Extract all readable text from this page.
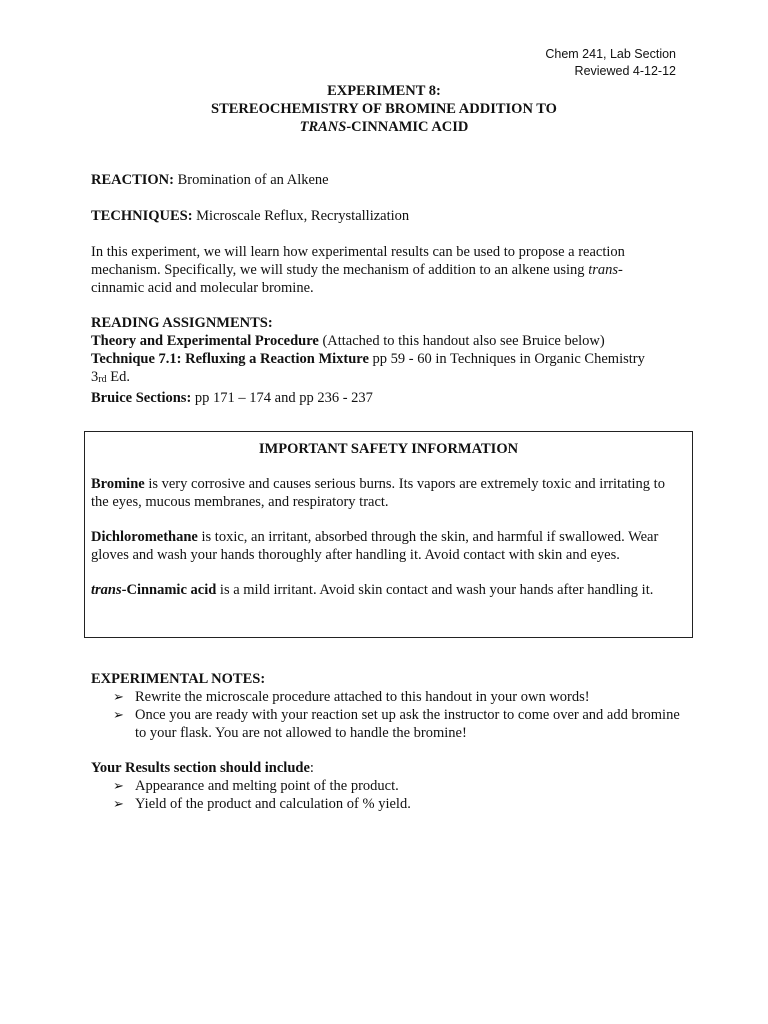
Chem 241, Lab Section
Reviewed 4-12-12
EXPERIMENT 8:
STEREOCHEMISTRY OF BROMINE ADDITION TO
TRANS-CINNAMIC ACID
REACTION: Bromination of an Alkene
TECHNIQUES: Microscale Reflux, Recrystallization
In this experiment, we will learn how experimental results can be used to propose a reaction mechanism. Specifically, we will study the mechanism of addition to an alkene using trans-cinnamic acid and molecular bromine.

READING ASSIGNMENTS:

Theory and Experimental Procedure (Attached to this handout also see Bruice below)

Technique 7.1: Refluxing a Reaction Mixture pp 59 - 60 in Techniques in Organic Chemistry

$3_{rd}$ Ed.

Bruice Sections: pp 171 – 174 and pp 236 - 237

IMPORTANT SAFETY INFORMATION

Bromine is very corrosive and causes serious burns. Its vapors are extremely toxic and irritating to the eyes, mucous membranes, and respiratory tract.

Dichloromethane is toxic, an irritant, absorbed through the skin, and harmful if swallowed. Wear gloves and wash your hands thoroughly after handling it. Avoid contact with skin and eyes.

trans-Cinnamic acid is a mild irritant. Avoid skin contact and wash your hands after handling it.

EXPERIMENTAL NOTES:

➢ Rewrite the microscale procedure attached to this handout in your own words!
➢ Once you are ready with your reaction set up ask the instructor to come over and add bromine to your flask. You are not allowed to handle the bromine!

Your Results section should include:

➢ Appearance and melting point of the product.
➢ Yield of the product and calculation of % yield.
